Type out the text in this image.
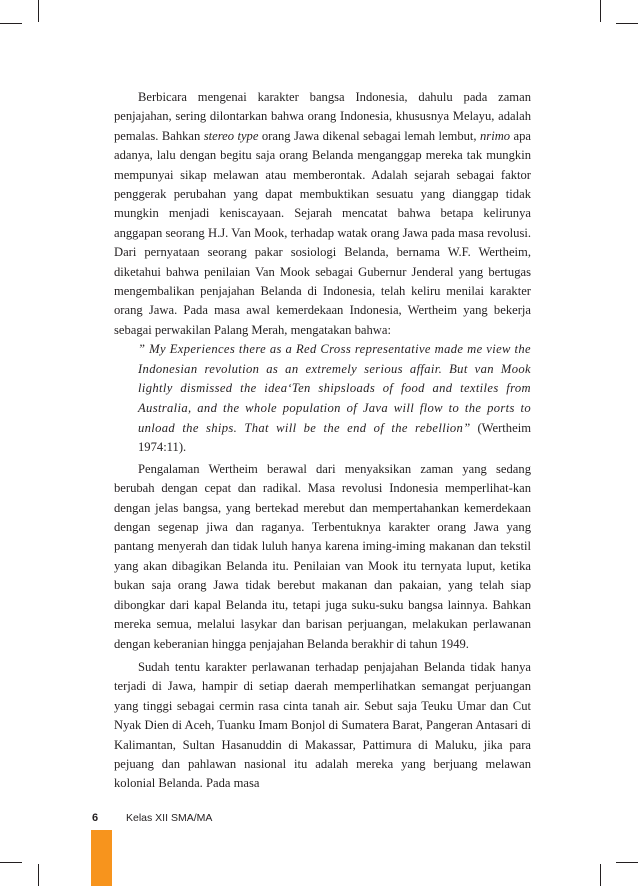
Berbicara mengenai karakter bangsa Indonesia, dahulu pada zaman penjajahan, sering dilontarkan bahwa orang Indonesia, khususnya Melayu, adalah pemalas. Bahkan stereo type orang Jawa dikenal sebagai lemah lembut, nrimo apa adanya, lalu dengan begitu saja orang Belanda menganggap mereka tak mungkin mempunyai sikap melawan atau memberontak. Adalah sejarah sebagai faktor penggerak perubahan yang dapat membuktikan sesuatu yang dianggap tidak mungkin menjadi keniscayaan. Sejarah mencatat bahwa betapa kelirunya anggapan seorang H.J. Van Mook, terhadap watak orang Jawa pada masa revolusi. Dari pernyataan seorang pakar sosiologi Belanda, bernama W.F. Wertheim, diketahui bahwa penilaian Van Mook sebagai Gubernur Jenderal yang bertugas mengembalikan penjajahan Belanda di Indonesia, telah keliru menilai karakter orang Jawa. Pada masa awal kemerdekaan Indonesia, Wertheim yang bekerja sebagai perwakilan Palang Merah, mengatakan bahwa:

” My Experiences there as a Red Cross representative made me view the Indonesian revolution as an extremely serious affair. But van Mook lightly dismissed the idea‘Ten shipsloads of food and textiles from Australia, and the whole population of Java will flow to the ports to unload the ships. That will be the end of the rebellion” (Wertheim 1974:11).

Pengalaman Wertheim berawal dari menyaksikan zaman yang sedang berubah dengan cepat dan radikal. Masa revolusi Indonesia memperlihat-kan dengan jelas bangsa, yang bertekad merebut dan mempertahankan kemerdekaan dengan segenap jiwa dan raganya. Terbentuknya karakter orang Jawa yang pantang menyerah dan tidak luluh hanya karena iming-iming makanan dan tekstil yang akan dibagikan Belanda itu. Penilaian van Mook itu ternyata luput, ketika bukan saja orang Jawa tidak berebut makanan dan pakaian, yang telah siap dibongkar dari kapal Belanda itu, tetapi juga suku-suku bangsa lainnya. Bahkan mereka semua, melalui lasykar dan barisan perjuangan, melakukan perlawanan dengan keberanian hingga penjajahan Belanda berakhir di tahun 1949.

Sudah tentu karakter perlawanan terhadap penjajahan Belanda tidak hanya terjadi di Jawa, hampir di setiap daerah memperlihatkan semangat perjuangan yang tinggi sebagai cermin rasa cinta tanah air. Sebut saja Teuku Umar dan Cut Nyak Dien di Aceh, Tuanku Imam Bonjol di Sumatera Barat, Pangeran Antasari di Kalimantan, Sultan Hasanuddin di Makassar, Pattimura di Maluku, jika para pejuang dan pahlawan nasional itu adalah mereka yang berjuang melawan kolonial Belanda. Pada masa

6	Kelas XII SMA/MA
